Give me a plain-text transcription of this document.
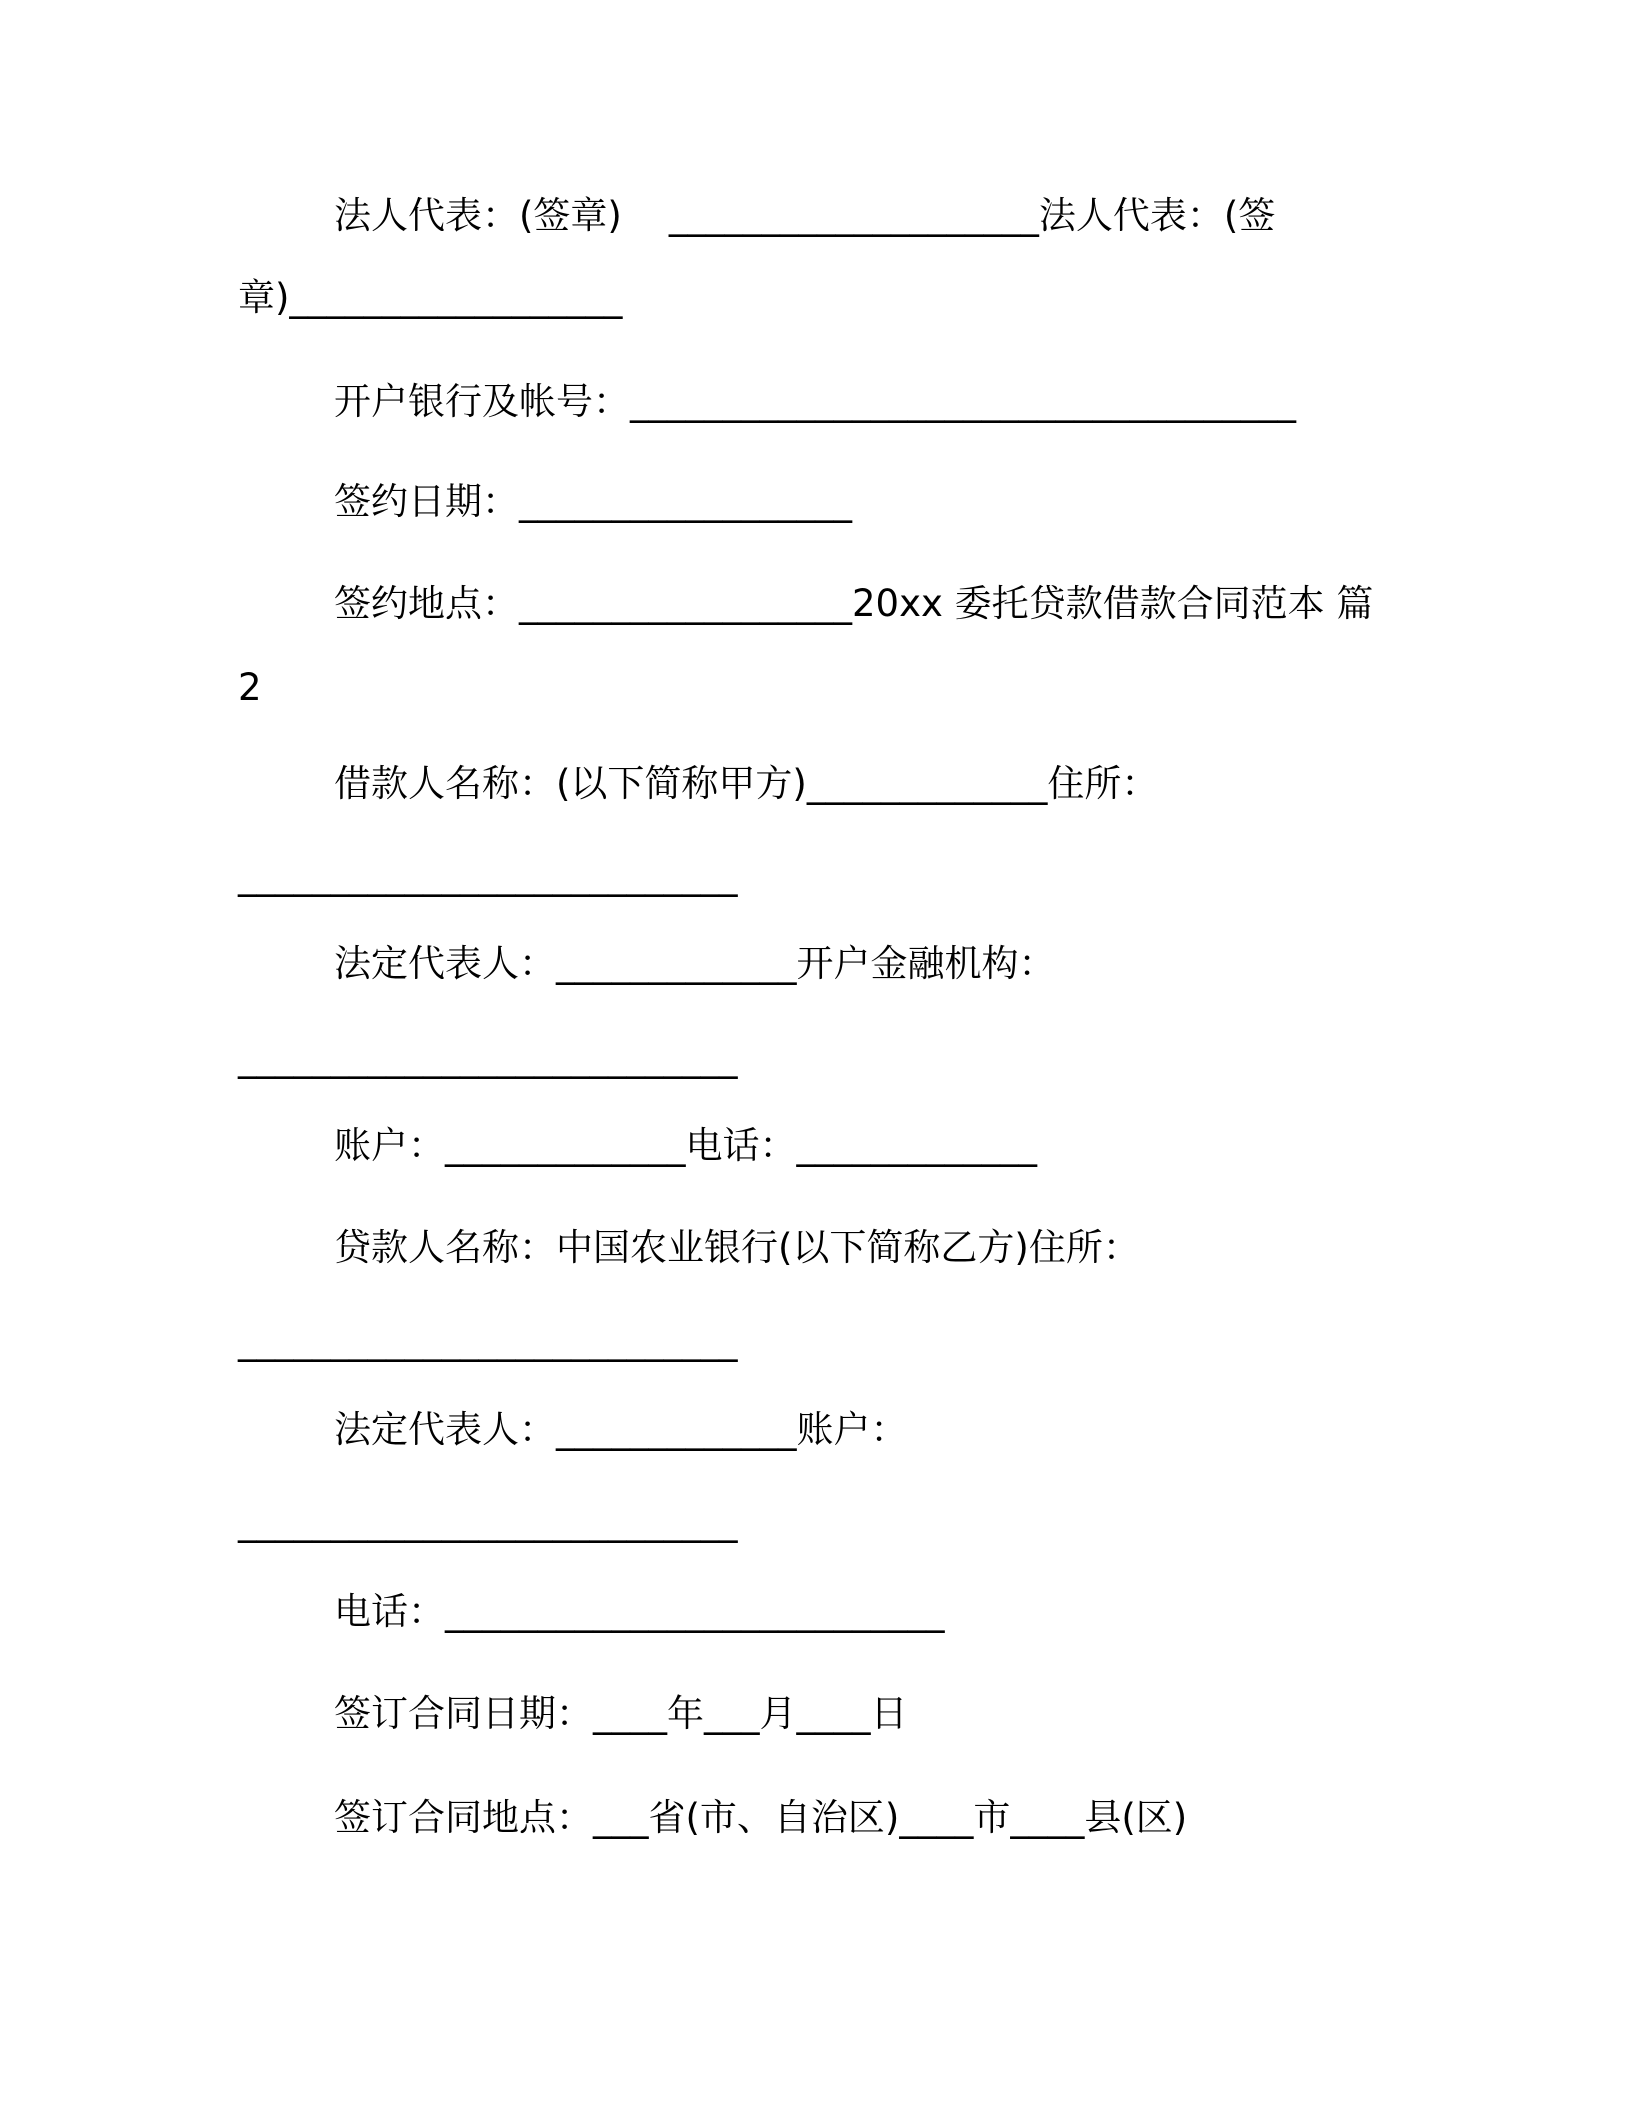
法人代表：(签章)    ____________________法人代表：(签
章)__________________
开户银行及帐号：____________________________________
签约日期：__________________
签约地点：__________________20xx 委托贷款借款合同范本 篇
2
借款人名称：(以下简称甲方)_____________住所：
___________________________
法定代表人：_____________开户金融机构：
___________________________
账户：_____________电话：_____________
贷款人名称：中国农业银行(以下简称乙方)住所：
___________________________
法定代表人：_____________账户：
___________________________
电话：___________________________
签订合同日期：____年___月____日
签订合同地点：___省(市、自治区)____市____县(区)
